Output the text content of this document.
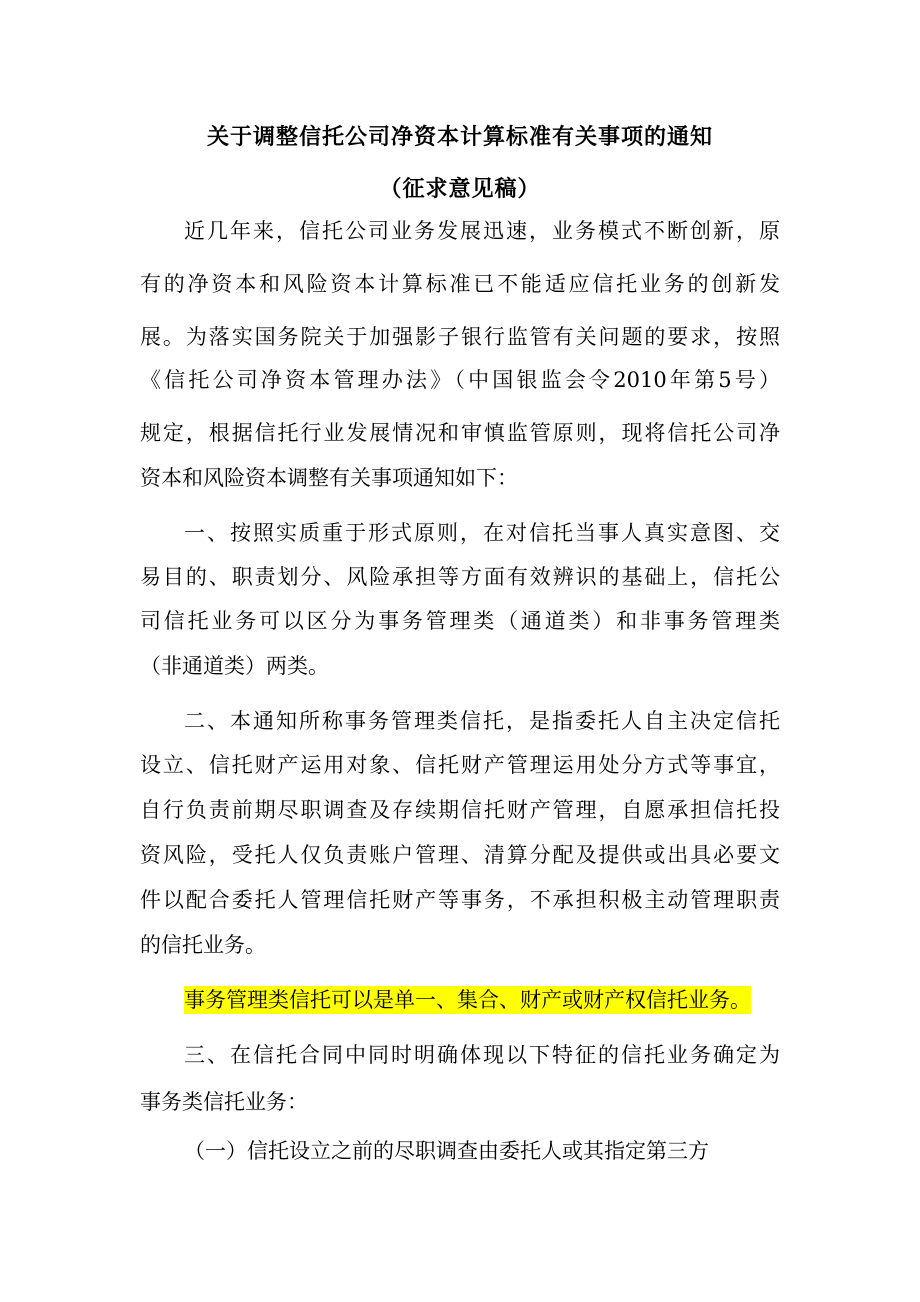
关于调整信托公司净资本计算标准有关事项的通知
（征求意见稿）
近几年来，信托公司业务发展迅速，业务模式不断创新，原
有的净资本和风险资本计算标准已不能适应信托业务的创新发
展。为落实国务院关于加强影子银行监管有关问题的要求，按照
《信托公司净资本管理办法》（中国银监会令2010年第5号）
规定，根据信托行业发展情况和审慎监管原则，现将信托公司净
资本和风险资本调整有关事项通知如下：
一、按照实质重于形式原则，在对信托当事人真实意图、交
易目的、职责划分、风险承担等方面有效辨识的基础上，信托公
司信托业务可以区分为事务管理类（通道类）和非事务管理类
（非通道类）两类。
二、本通知所称事务管理类信托，是指委托人自主决定信托
设立、信托财产运用对象、信托财产管理运用处分方式等事宜，
自行负责前期尽职调查及存续期信托财产管理，自愿承担信托投
资风险，受托人仅负责账户管理、清算分配及提供或出具必要文
件以配合委托人管理信托财产等事务，不承担积极主动管理职责
的信托业务。
事务管理类信托可以是单一、集合、财产或财产权信托业务。
三、在信托合同中同时明确体现以下特征的信托业务确定为
事务类信托业务：
（一）信托设立之前的尽职调查由委托人或其指定第三方
